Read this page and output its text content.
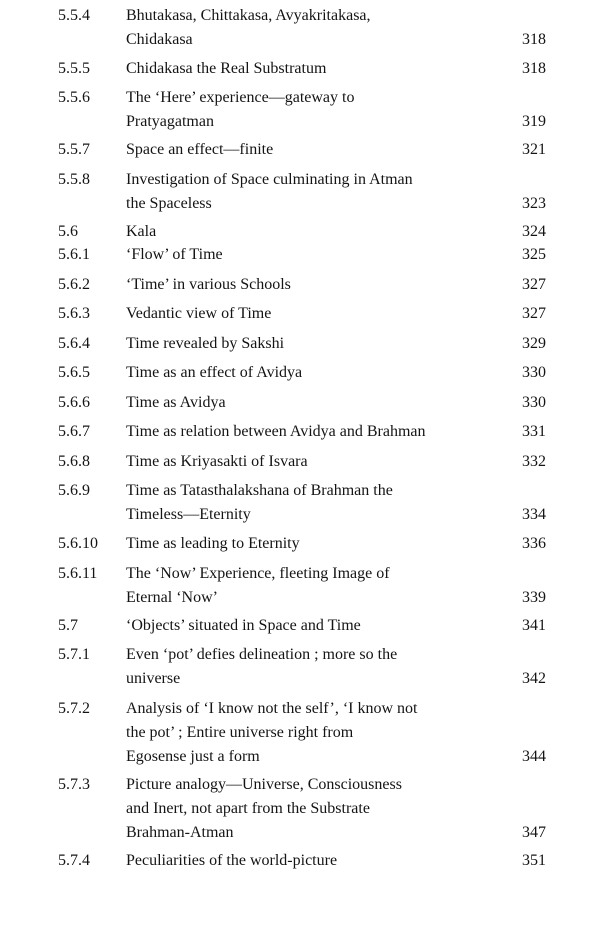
5.5.4 Bhutakasa, Chittakasa, Avyakritakasa,
Chidakasa	318
5.5.5 Chidakasa the Real Substratum	318
5.5.6 The ‘Here’ experience—gateway to
Pratyagatman	319
5.5.7 Space an effect—finite	321
5.5.8 Investigation of Space culminating in Atman
the Spaceless	323
5.6	Kala	324
5.6.1 ‘Flow’ of Time	325
5.6.2 ‘Time’ in various Schools	327
5.6.3 Vedantic view of Time	327
5.6.4 Time revealed by Sakshi	329
5.6.5 Time as an effect of Avidya	330
5.6.6 Time as Avidya	330
5.6.7 Time as relation between Avidya and Brahman	331
5.6.8 Time as Kriyasakti of Isvara	332
5.6.9 Time as Tatasthalakshana of Brahman the
Timeless—Eternity	334
5.6.10 Time as leading to Eternity	336
5.6.11 The ‘Now’ Experience, fleeting Image of
Eternal ‘Now’	339
5.7	‘Objects’ situated in Space and Time	341
5.7.1 Even ‘pot’ defies delineation ; more so the
universe	342
5.7.2 Analysis of ‘I know not the self’, ‘I know not
the pot’ ; Entire universe right from
Egosense just a form	344
5.7.3 Picture analogy—Universe, Consciousness
and Inert, not apart from the Substrate
Brahman-Atman	347
5.7.4 Peculiarities of the world-picture	351
